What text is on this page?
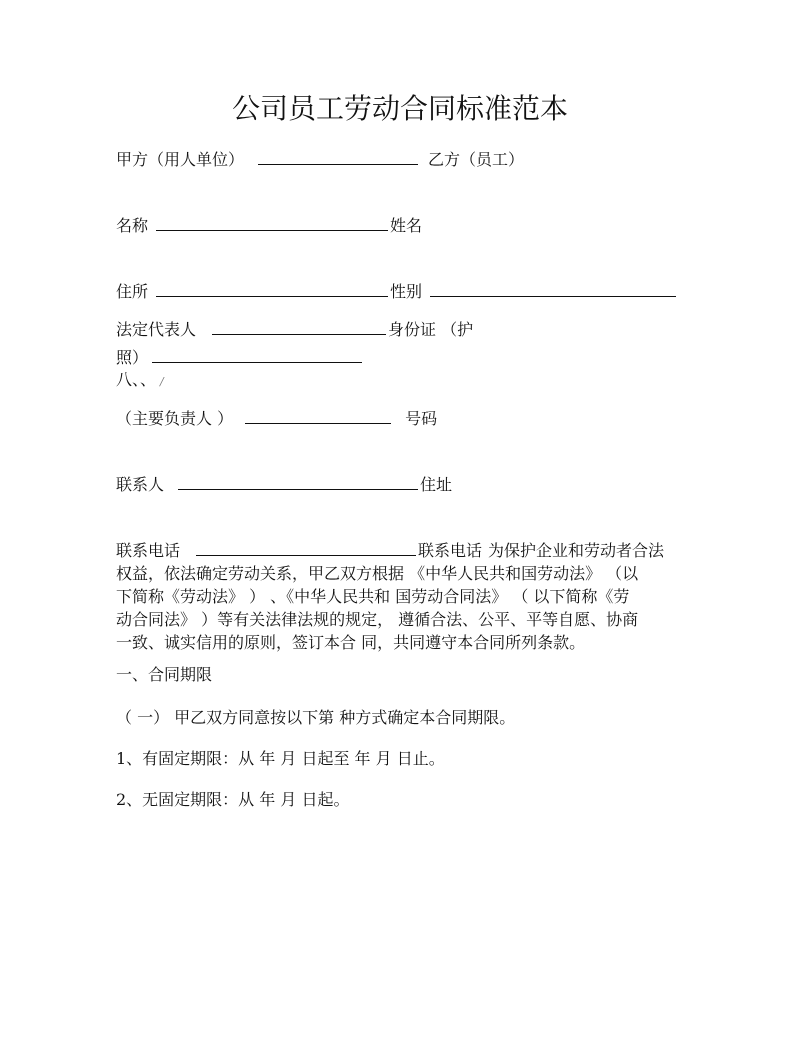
公司员工劳动合同标准范本
甲方（用人单位）	乙方（员工）
名称	姓名
住所	性别
法定代表人	身份证 （护
照）
八、、 /
（主要负责人 ）	号码
联系人	住址
联系电话	联系电话 为保护企业和劳动者合法
权益，依法确定劳动关系，甲乙双方根据 《中华人民共和国劳动法》 （以
下简称《劳动法》 ） 、《中华人民共和 国劳动合同法》 （ 以下简称《劳
动合同法》 ）等有关法律法规的规定， 遵循合法、公平、平等自愿、协商
一致、诚实信用的原则，签订本合 同，共同遵守本合同所列条款。
一、合同期限
（ 一） 甲乙双方同意按以下第 种方式确定本合同期限。
1、有固定期限：从 年 月 日起至 年 月 日止。
2、无固定期限：从 年 月 日起。
